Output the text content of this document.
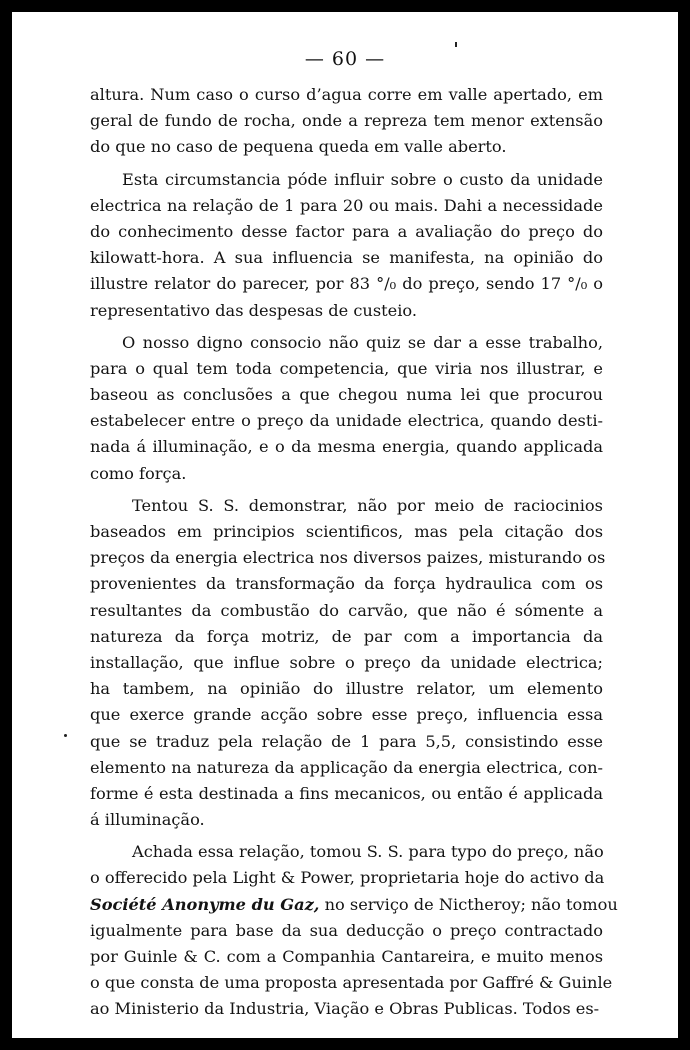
— 60 —
altura. Num caso o curso d’agua corre em valle apertado, em
geral de fundo de rocha, onde a repreza tem menor extensão
do que no caso de pequena queda em valle aberto.
Esta circumstancia póde influir sobre o custo da unidade
electrica na relação de 1 para 20 ou mais. Dahi a necessidade
do conhecimento desse factor para a avaliação do preço do
kilowatt-hora. A sua influencia se manifesta, na opinião do
illustre relator do parecer, por 83 °/₀ do preço, sendo 17 °/₀ o
representativo das despesas de custeio.
O nosso digno consocio não quiz se dar a esse trabalho,
para o qual tem toda competencia, que viria nos illustrar, e
baseou as conclusões a que chegou numa lei que procurou
estabelecer entre o preço da unidade electrica, quando desti-
nada á illuminação, e o da mesma energia, quando applicada
como força.
Tentou S. S. demonstrar, não por meio de raciocinios
baseados em principios scientificos, mas pela citação dos
preços da energia electrica nos diversos paizes, misturando os
provenientes da transformação da força hydraulica com os
resultantes da combustão do carvão, que não é sómente a
natureza da força motriz, de par com a importancia da
installação, que influe sobre o preço da unidade electrica;
ha tambem, na opinião do illustre relator, um elemento
que exerce grande acção sobre esse preço, influencia essa
que se traduz pela relação de 1 para 5,5, consistindo esse
elemento na natureza da applicação da energia electrica, con-
forme é esta destinada a fins mecanicos, ou então é applicada
á illuminação.
Achada essa relação, tomou S. S. para typo do preço, não
o offerecido pela Light & Power, proprietaria hoje do activo da
Société Anonyme du Gaz, no serviço de Nictheroy; não tomou
igualmente para base da sua deducção o preço contractado
por Guinle & C. com a Companhia Cantareira, e muito menos
o que consta de uma proposta apresentada por Gaffré & Guinle
ao Ministerio da Industria, Viação e Obras Publicas. Todos es-
